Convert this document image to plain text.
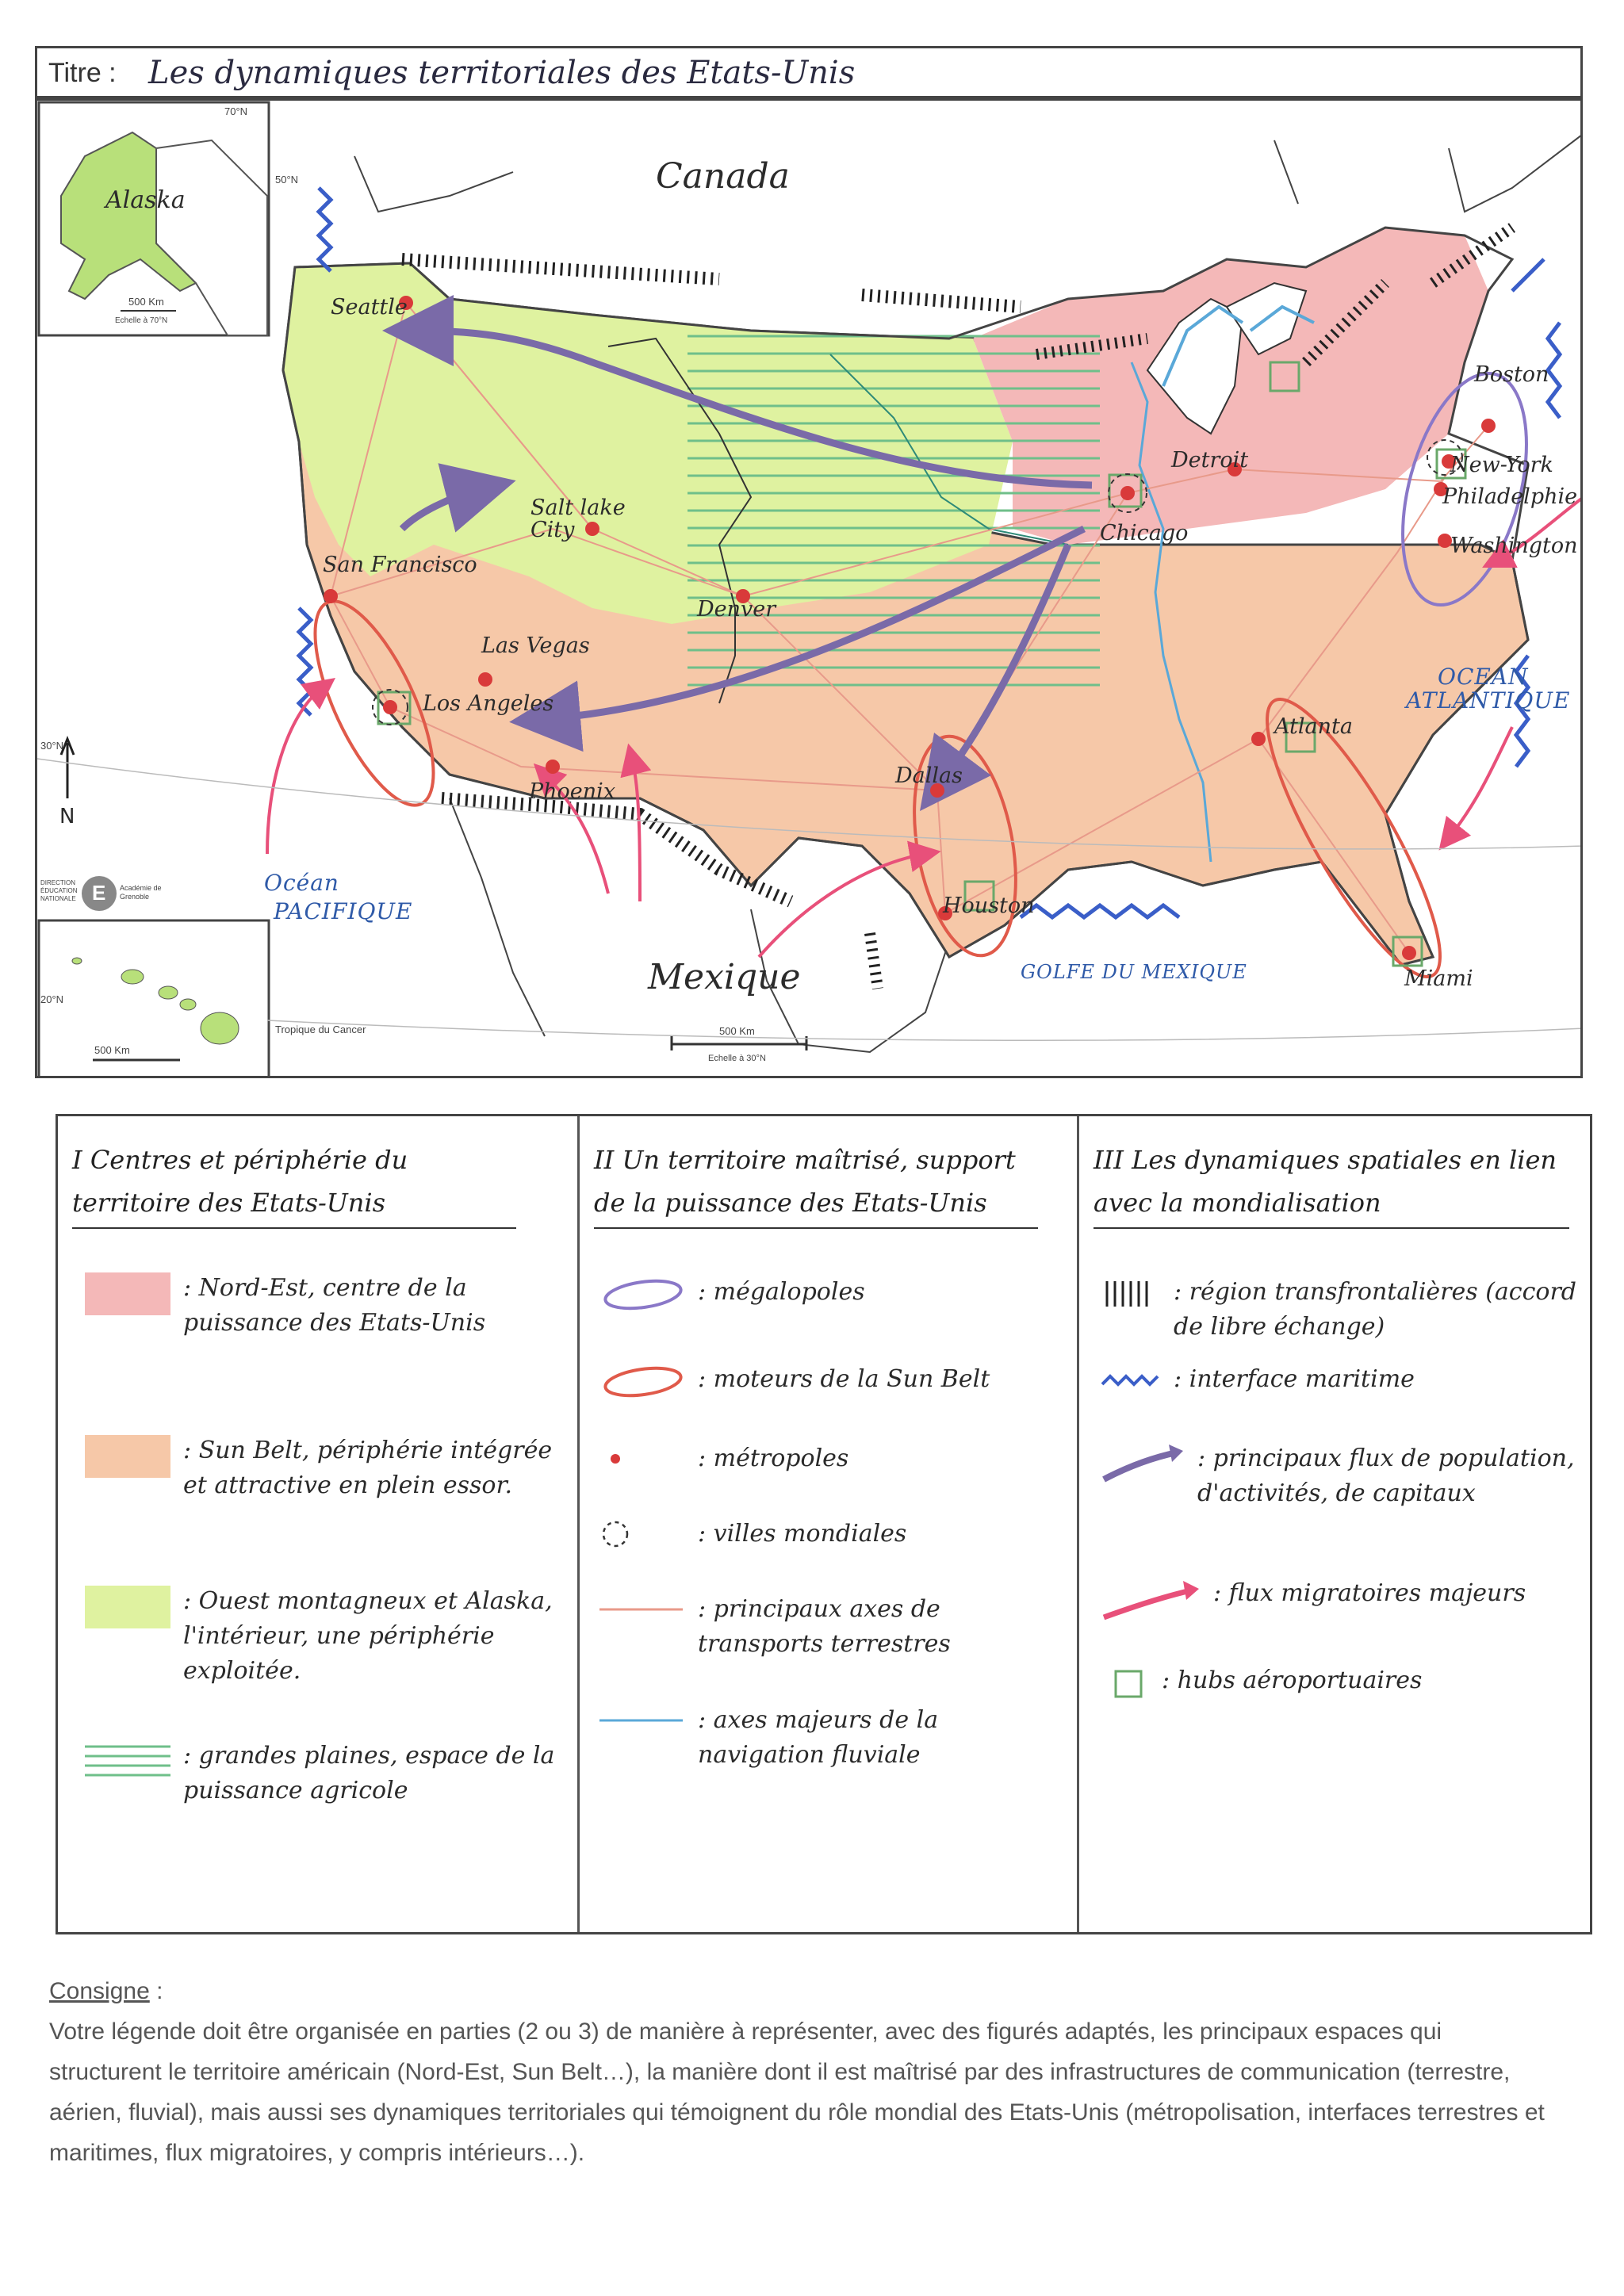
Titre : Les dynamiques territoriales des Etats-Unis
Canada
Mexique
Alaska
Océan
PACIFIQUE
OCEAN
ATLANTIQUE
GOLFE DU MEXIQUE
Seattle
San Francisco
Salt lake City
Las Vegas
Los Angeles
Phoenix
Denver
Dallas
Houston
Chicago
Detroit
Atlanta
Boston
New-York
Philadelphie
Washington
Miami
70°N
50°N
30°N
20°N
Tropique du Cancer
N
500 Km
Echelle à 70°N
500 Km
Echelle à 30°N
500 Km
DIRECTION ÉDUCATION NATIONALE E Académie de Grenoble
I Centres et périphérie du territoire des Etats-Unis
: Nord-Est, centre de la puissance des Etats-Unis
: Sun Belt, périphérie intégrée et attractive en plein essor.
: Ouest montagneux et Alaska, l'intérieur, une périphérie exploitée.
: grandes plaines, espace de la puissance agricole
II Un territoire maîtrisé, support de la puissance des Etats-Unis
: mégalopoles
: moteurs de la Sun Belt
: métropoles
: villes mondiales
: principaux axes de transports terrestres
: axes majeurs de la navigation fluviale
III Les dynamiques spatiales en lien avec la mondialisation
: région transfrontalières (accord de libre échange)
: interface maritime
: principaux flux de population, d'activités, de capitaux
: flux migratoires majeurs
: hubs aéroportuaires
Consigne :
Votre légende doit être organisée en parties (2 ou 3) de manière à représenter, avec des figurés adaptés, les principaux espaces qui structurent le territoire américain (Nord-Est, Sun Belt…), la manière dont il est maîtrisé par des infrastructures de communication (terrestre, aérien, fluvial), mais aussi ses dynamiques territoriales qui témoignent du rôle mondial des Etats-Unis (métropolisation, interfaces terrestres et maritimes, flux migratoires, y compris intérieurs…).
